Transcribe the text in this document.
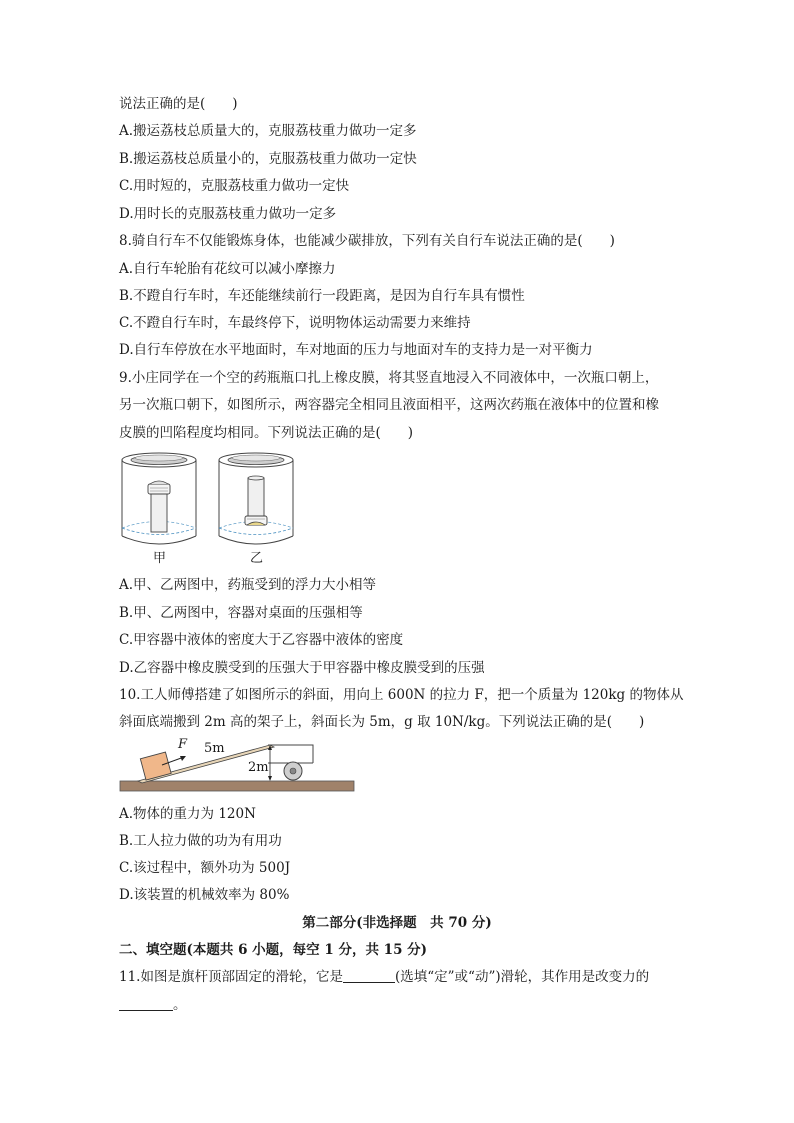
说法正确的是(　　)
A.搬运荔枝总质量大的，克服荔枝重力做功一定多
B.搬运荔枝总质量小的，克服荔枝重力做功一定快
C.用时短的，克服荔枝重力做功一定快
D.用时长的克服荔枝重力做功一定多
8.骑自行车不仅能锻炼身体，也能减少碳排放，下列有关自行车说法正确的是(　　)
A.自行车轮胎有花纹可以减小摩擦力
B.不蹬自行车时，车还能继续前行一段距离，是因为自行车具有惯性
C.不蹬自行车时，车最终停下，说明物体运动需要力来维持
D.自行车停放在水平地面时，车对地面的压力与地面对车的支持力是一对平衡力
9.小庄同学在一个空的药瓶瓶口扎上橡皮膜，将其竖直地浸入不同液体中，一次瓶口朝上，
另一次瓶口朝下，如图所示，两容器完全相同且液面相平，这两次药瓶在液体中的位置和橡
皮膜的凹陷程度均相同。下列说法正确的是(　　)
甲	乙
A.甲、乙两图中，药瓶受到的浮力大小相等
B.甲、乙两图中，容器对桌面的压强相等
C.甲容器中液体的密度大于乙容器中液体的密度
D.乙容器中橡皮膜受到的压强大于甲容器中橡皮膜受到的压强
10.工人师傅搭建了如图所示的斜面，用向上 600N 的拉力 F，把一个质量为 120kg 的物体从
斜面底端搬到 2m 高的架子上，斜面长为 5m，g 取 10N/kg。下列说法正确的是(　　)
F 5m
2m
A.物体的重力为 120N
B.工人拉力做的功为有用功
C.该过程中，额外功为 500J
D.该装置的机械效率为 80%
第二部分(非选择题　共 70 分)
二、填空题(本题共 6 小题，每空 1 分，共 15 分)
11.如图是旗杆顶部固定的滑轮，它是	(选填“定”或“动”)滑轮，其作用是改变力的
。
